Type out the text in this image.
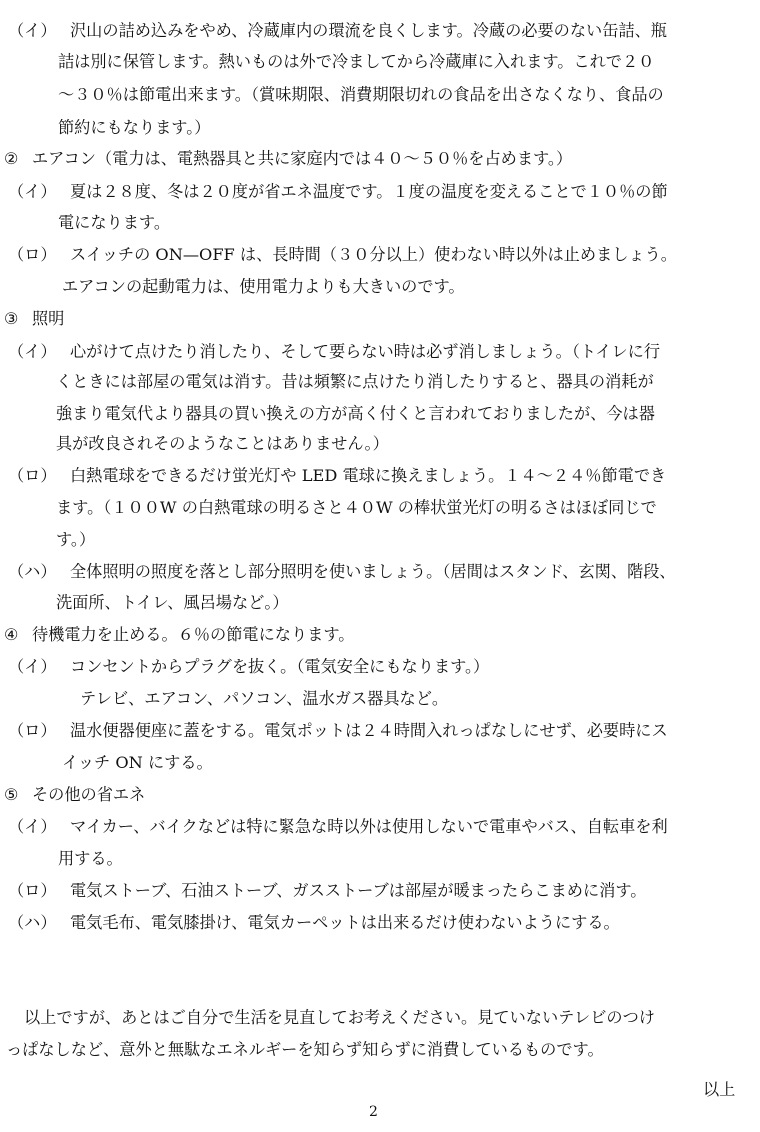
（イ） 沢山の詰め込みをやめ、冷蔵庫内の環流を良くします。冷蔵の必要のない缶詰、瓶
詰は別に保管します。熱いものは外で冷ましてから冷蔵庫に入れます。これで２０
～３０％は節電出来ます。（賞味期限、消費期限切れの食品を出さなくなり、食品の
節約にもなります。）
② エアコン（電力は、電熱器具と共に家庭内では４０～５０％を占めます。）
（イ） 夏は２８度、冬は２０度が省エネ温度です。１度の温度を変えることで１０％の節
電になります。
（ロ） スイッチの ON—OFF は、長時間（３０分以上）使わない時以外は止めましょう。
エアコンの起動電力は、使用電力よりも大きいのです。
③ 照明
（イ） 心がけて点けたり消したり、そして要らない時は必ず消しましょう。（トイレに行
くときには部屋の電気は消す。昔は頻繁に点けたり消したりすると、器具の消耗が
強まり電気代より器具の買い換えの方が高く付くと言われておりましたが、今は器
具が改良されそのようなことはありません。）
（ロ） 白熱電球をできるだけ蛍光灯や LED 電球に換えましょう。１４～２４％節電でき
ます。（１００W の白熱電球の明るさと４０W の棒状蛍光灯の明るさはほぼ同じで
す。）
（ハ） 全体照明の照度を落とし部分照明を使いましょう。（居間はスタンド、玄関、階段、
洗面所、トイレ、風呂場など。）
④ 待機電力を止める。６％の節電になります。
（イ） コンセントからプラグを抜く。（電気安全にもなります。）
テレビ、エアコン、パソコン、温水ガス器具など。
（ロ） 温水便器便座に蓋をする。電気ポットは２４時間入れっぱなしにせず、必要時にス
イッチ ON にする。
⑤ その他の省エネ
（イ） マイカー、バイクなどは特に緊急な時以外は使用しないで電車やバス、自転車を利
用する。
（ロ） 電気ストーブ、石油ストーブ、ガスストーブは部屋が暖まったらこまめに消す。
（ハ） 電気毛布、電気膝掛け、電気カーペットは出来るだけ使わないようにする。
以上ですが、あとはご自分で生活を見直してお考えください。見ていないテレビのつけ
っぱなしなど、意外と無駄なエネルギーを知らず知らずに消費しているものです。
以上
2
